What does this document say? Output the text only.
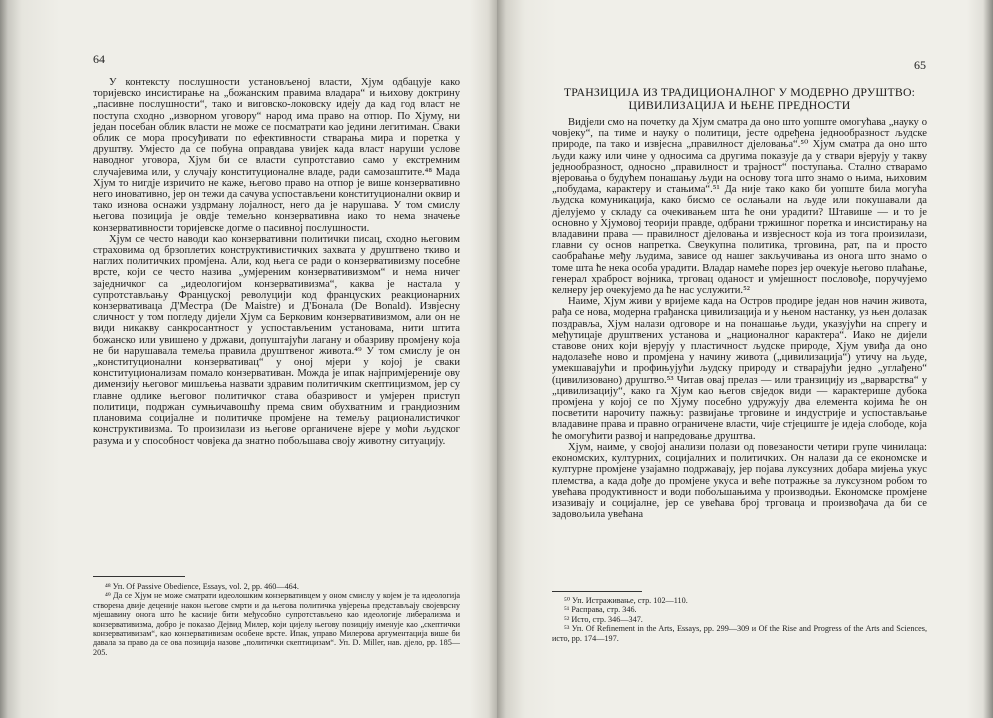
64

У контексту послушности установљеној власти, Хјум одбацује како торијевско инсистирање на „божанским правима владара“ и њихову доктрину „пасивне послушности“, тако и виговско-локовску идеју да кад год власт не поступа сходно „изворном уговору“ народ има право на отпор. По Хјуму, ни један посебан облик власти не може се посматрати као једини легитиман. Сваки облик се мора просуђивати по ефективности стварања мира и поретка у друштву. Умјесто да се побуна оправдава увијек када власт наруши услове наводног уговора, Хјум би се власти супротставио само у екстремним случајевима или, у случају конституционалне владе, ради самозаштите.⁴⁸ Мада Хјум то нигдје изричито не каже, његово право на отпор је више конзервативно него иновативно, јер он тежи да сачува успостављени конституционални оквир и тако изнова оснажи уздрману лојалност, него да је нарушава. У том смислу његова позиција је овдје темељно конзервативна иако то нема значење конзервативности торијевске догме о пасивној послушности.

Хјум се често наводи као конзервативни политички писац, сходно његовим страховима од брзоплетих конструктивистичких захвата у друштвено ткиво и наглих политичких промјена. Али, код њега се ради о конзервативизму посебне врсте, који се често назива „умјереним конзервативизмом“ и нема ничег заједничког са „идеологијом конзервативизма“, каква је настала у супротстављању Француској револуцији код француских реакционарних конзервативаца Д'Местра (De Maistre) и Д'Бонала (De Bonald). Извјесну сличност у том погледу дијели Хјум са Берковим конзервативизмом, али он не види никакву санкросантност у успостављеним установама, нити штита божанско или увишено у држави, допуштајући лагану и обазриву промјену која не би нарушавала темеља правила друштвеног живота.⁴⁹ У том смислу је он „конституционални конзервативац“ у оној мјери у којој је сваки конституционализам помало конзервативан. Можда је ипак најпримјереније ову димензију његовог мишљења назвати здравим политичким скептицизмом, јер су главне одлике његовог политичког става обазривост и умјерен приступ политици, подржан сумњичавошћу према свим обухватним и грандиозним плановима социјалне и политичке промјене на темељу рационалистичког конструктивизма. То произилази из његове органичене вјере у моћи људског разума и у способност човјека да знатно побољшава своју животну ситуацију.

⁴⁸ Уп. Of Passive Obedience, Essays, vol. 2, pp. 460—464.

⁴⁹ Да се Хјум не може сматрати идеолошким конзервативцем у оном смислу у којем је та идеологија створена двије деценије након његове смрти и да његова политичка увјерења представљају својеврсну мјешавину онога што ће касније бити међусобно супротстављено као идеологије либерализма и конзервативизма, добро је показао Дејвид Милер, који цијелу његову позицију именује као „скептички конзервативизам“, као конзервативизам особене врсте. Ипак, управо Милерова аргументација више би давала за право да се ова позиција назове „политички скептицизам“. Уп. D. Miller, нав. дјело, pp. 185—205.

65
ТРАНЗИЦИЈА ИЗ ТРАДИЦИОНАЛНОГ У МОДЕРНО ДРУШТВО:
ЦИВИЛИЗАЦИЈА И ЊЕНЕ ПРЕДНОСТИ

Видјели смо на почетку да Хјум сматра да оно што уопште омогућава „науку о човјеку“, па тиме и науку о политици, јесте одређена једнообразност људске природе, па тако и извјесна „правилност дјеловања“.⁵⁰ Хјум сматра да оно што људи кажу или чине у односима са другима показује да у ствари вјерују у такву једнообразност, односно „правилност и трајност“ поступања. Стално стварамо вјеровања о будућем понашању људи на основу тога што знамо о њима, њиховим „побудама, карактеру и стањима“.⁵¹ Да није тако како би уопште била могућа људска комуникација, како бисмо се ослањали на људе или покушавали да дјелујемо у складу са очекивањем шта ће они урадити? Штавише — и то је основно у Хјумовој теорији правде, одбрани тржишног поретка и инсистирању на владавини права — правилност дјеловања и извјесност која из тога произилази, главни су основ напретка. Свеукупна политика, трговина, рат, па и просто саобраћање међу људима, зависе од нашег закључивања из онога што знамо о томе шта ће нека особа урадити. Владар намеће порез јер очекује његово плаћање, генерал храброст војника, трговац оданост и умјешност пословође, поручујемо келнеру јер очекујемо да ће нас услужити.⁵²

Наиме, Хјум живи у вријеме када на Остров продире један нов начин живота, рађа се нова, модерна грађанска цивилизација и у њеном настанку, уз њен долазак поздравља, Хјум налази одговоре и на понашање људи, указујући на спрегу и међутицаје друштвених установа и „националног карактера“. Иако не дијели ставове оних који вјерују у пластичност људске природе, Хјум увиђа да оно надолазеће ново и промјена у начину живота („цивилизација“) утичу на људе, умекшавајући и профињујући људску природу и стварајући једно „углађено“ (цивилизовано) друштво.⁵³ Читав овај прелаз — или транзицију из „варварства“ у „цивилизацију“, како га Хјум као његов свједок види — карактерише дубока промјена у којој се по Хјуму посебно удружују два елемента којима ће он посветити нарочиту пажњу: развијање трговине и индустрије и успостављање владавине права и правно ограничене власти, чије стјециште је идеја слободе, која ће омогућити развој и напредовање друштва.

Хјум, наиме, у својој анализи полази од повезаности четири групе чинилаца: економских, културних, социјалних и политичких. Он налази да се економске и културне промјене узајамно подржавају, јер појава луксузних добара мијења укус племства, а када дође до промјене укуса и веће потражње за луксузном робом то увећава продуктивност и води побољшањима у производњи. Економске промјене изазивају и социјалне, јер се увећава број трговаца и произвођача да би се задовољила увећана

⁵⁰ Уп. Истраживање, стр. 102—110.

⁵¹ Расправа, стр. 346.

⁵² Исто, стр. 346—347.

⁵³ Уп. Of Refinement in the Arts, Essays, pp. 299—309 и Of the Rise and Progress of the Arts and Sciences, исто, pp. 174—197.
